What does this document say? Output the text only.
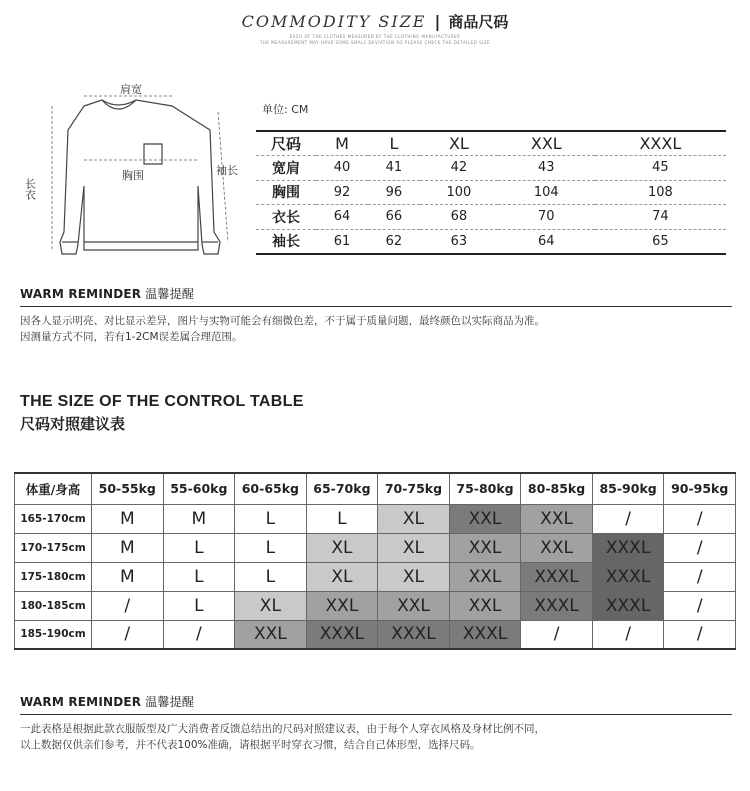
COMMODITY SIZE | 商品尺码
EACH OF THE CLOTHES MEASURED BY THE CLOTHING MANUFACTURER
THE MEASUREMENT MAY HAVE SOME SMALL DEVIATION SO PLEASE CHECK THE DETAILED SIZE
肩宽
长衣
胸围	袖长
单位: CM
尺码	M	L	XL	XXL	XXXL
宽肩	40	41	42	43	45
胸围	92	96	100	104	108
衣长	64	66	68	70	74
袖长	61	62	63	64	65
WARM REMINDER 温馨提醒
因各人显示明亮、对比显示差异，图片与实物可能会有细微色差，不于属于质量问题，最终颜色以实际商品为准。
因测量方式不同，若有1-2CM误差属合理范围。
THE SIZE OF THE CONTROL TABLE
尺码对照建议表
体重/身高	50-55kg	55-60kg	60-65kg	65-70kg	70-75kg	75-80kg	80-85kg	85-90kg	90-95kg
165-170cm	M	M	L	L	XL	XXL	XXL	/	/
170-175cm	M	L	L	XL	XL	XXL	XXL	XXXL	/
175-180cm	M	L	L	XL	XL	XXL	XXXL	XXXL	/
180-185cm	/	L	XL	XXL	XXL	XXL	XXXL	XXXL	/
185-190cm	/	/	XXL	XXXL	XXXL	XXXL	/	/	/
WARM REMINDER 温馨提醒
一此表格是根据此款衣服版型及广大消费者反馈总结出的尺码对照建议表，由于每个人穿衣风格及身材比例不同，
以上数据仅供亲们参考，并不代表100%准确，请根据平时穿衣习惯，结合自己体形型，选择尺码。
